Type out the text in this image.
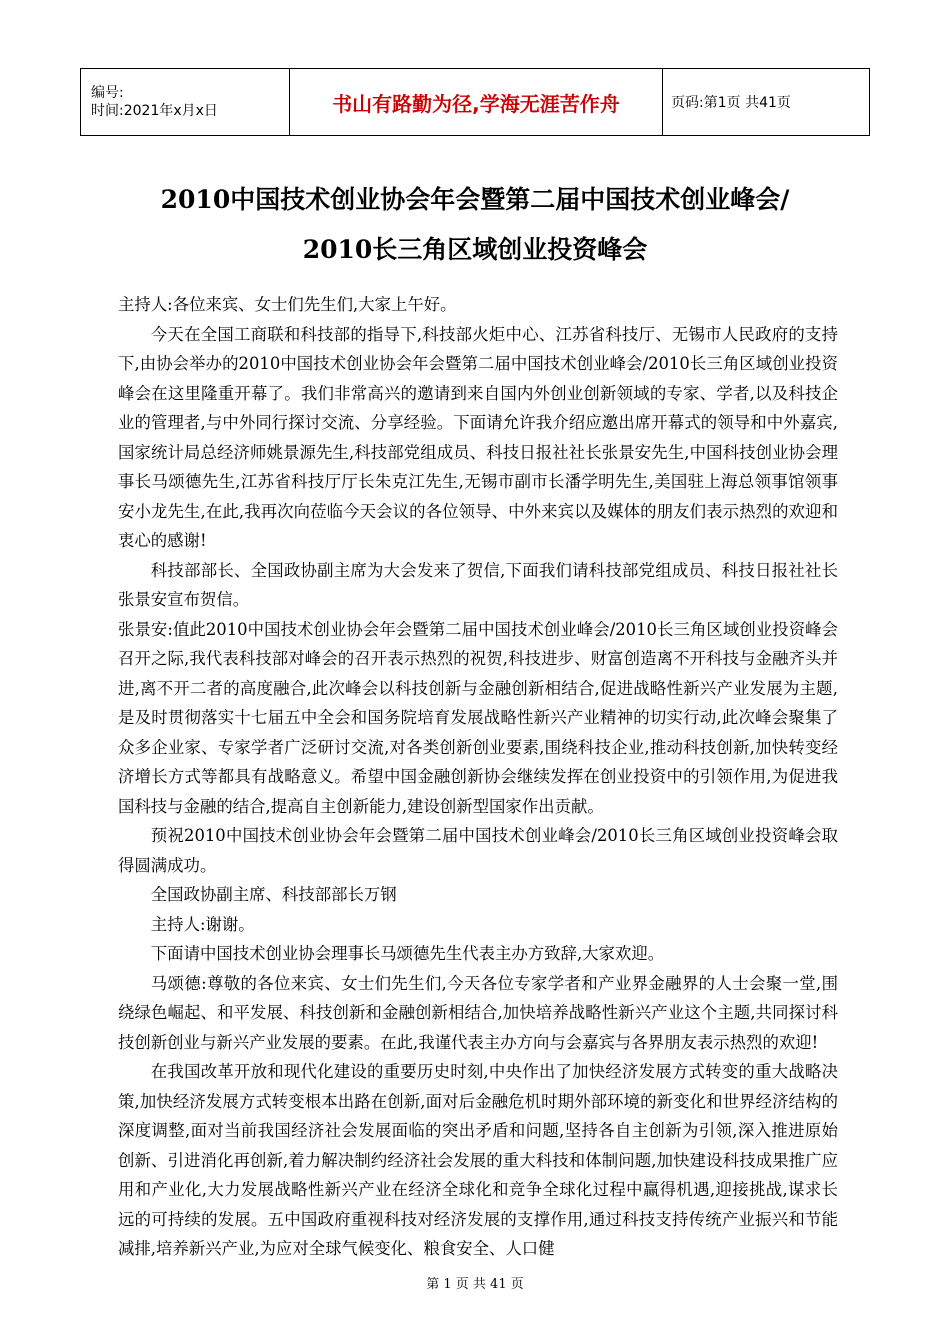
编号:
时间:2021年x月x日	书山有路勤为径,学海无涯苦作舟	页码:第1页 共41页
2010中国技术创业协会年会暨第二届中国技术创业峰会/
2010长三角区域创业投资峰会

主持人:各位来宾、女士们先生们,大家上午好。

今天在全国工商联和科技部的指导下,科技部火炬中心、江苏省科技厅、无锡市人民政府的支持下,由协会举办的2010中国技术创业协会年会暨第二届中国技术创业峰会/2010长三角区域创业投资峰会在这里隆重开幕了。我们非常高兴的邀请到来自国内外创业创新领域的专家、学者,以及科技企业的管理者,与中外同行探讨交流、分享经验。下面请允许我介绍应邀出席开幕式的领导和中外嘉宾,国家统计局总经济师姚景源先生,科技部党组成员、科技日报社社长张景安先生,中国科技创业协会理事长马颂德先生,江苏省科技厅厅长朱克江先生,无锡市副市长潘学明先生,美国驻上海总领事馆领事安小龙先生,在此,我再次向莅临今天会议的各位领导、中外来宾以及媒体的朋友们表示热烈的欢迎和衷心的感谢!

科技部部长、全国政协副主席为大会发来了贺信,下面我们请科技部党组成员、科技日报社社长张景安宣布贺信。

张景安:值此2010中国技术创业协会年会暨第二届中国技术创业峰会/2010长三角区域创业投资峰会召开之际,我代表科技部对峰会的召开表示热烈的祝贺,科技进步、财富创造离不开科技与金融齐头并进,离不开二者的高度融合,此次峰会以科技创新与金融创新相结合,促进战略性新兴产业发展为主题,是及时贯彻落实十七届五中全会和国务院培育发展战略性新兴产业精神的切实行动,此次峰会聚集了众多企业家、专家学者广泛研讨交流,对各类创新创业要素,围绕科技企业,推动科技创新,加快转变经济增长方式等都具有战略意义。希望中国金融创新协会继续发挥在创业投资中的引领作用,为促进我国科技与金融的结合,提高自主创新能力,建设创新型国家作出贡献。

预祝2010中国技术创业协会年会暨第二届中国技术创业峰会/2010长三角区域创业投资峰会取得圆满成功。

全国政协副主席、科技部部长万钢

主持人:谢谢。

下面请中国技术创业协会理事长马颂德先生代表主办方致辞,大家欢迎。

马颂德:尊敬的各位来宾、女士们先生们,今天各位专家学者和产业界金融界的人士会聚一堂,围绕绿色崛起、和平发展、科技创新和金融创新相结合,加快培养战略性新兴产业这个主题,共同探讨科技创新创业与新兴产业发展的要素。在此,我谨代表主办方向与会嘉宾与各界朋友表示热烈的欢迎!

在我国改革开放和现代化建设的重要历史时刻,中央作出了加快经济发展方式转变的重大战略决策,加快经济发展方式转变根本出路在创新,面对后金融危机时期外部环境的新变化和世界经济结构的深度调整,面对当前我国经济社会发展面临的突出矛盾和问题,坚持各自主创新为引领,深入推进原始创新、引进消化再创新,着力解决制约经济社会发展的重大科技和体制问题,加快建设科技成果推广应用和产业化,大力发展战略性新兴产业在经济全球化和竞争全球化过程中赢得机遇,迎接挑战,谋求长远的可持续的发展。五中国政府重视科技对经济发展的支撑作用,通过科技支持传统产业振兴和节能减排,培养新兴产业,为应对全球气候变化、粮食安全、人口健

第 1 页 共 41 页
